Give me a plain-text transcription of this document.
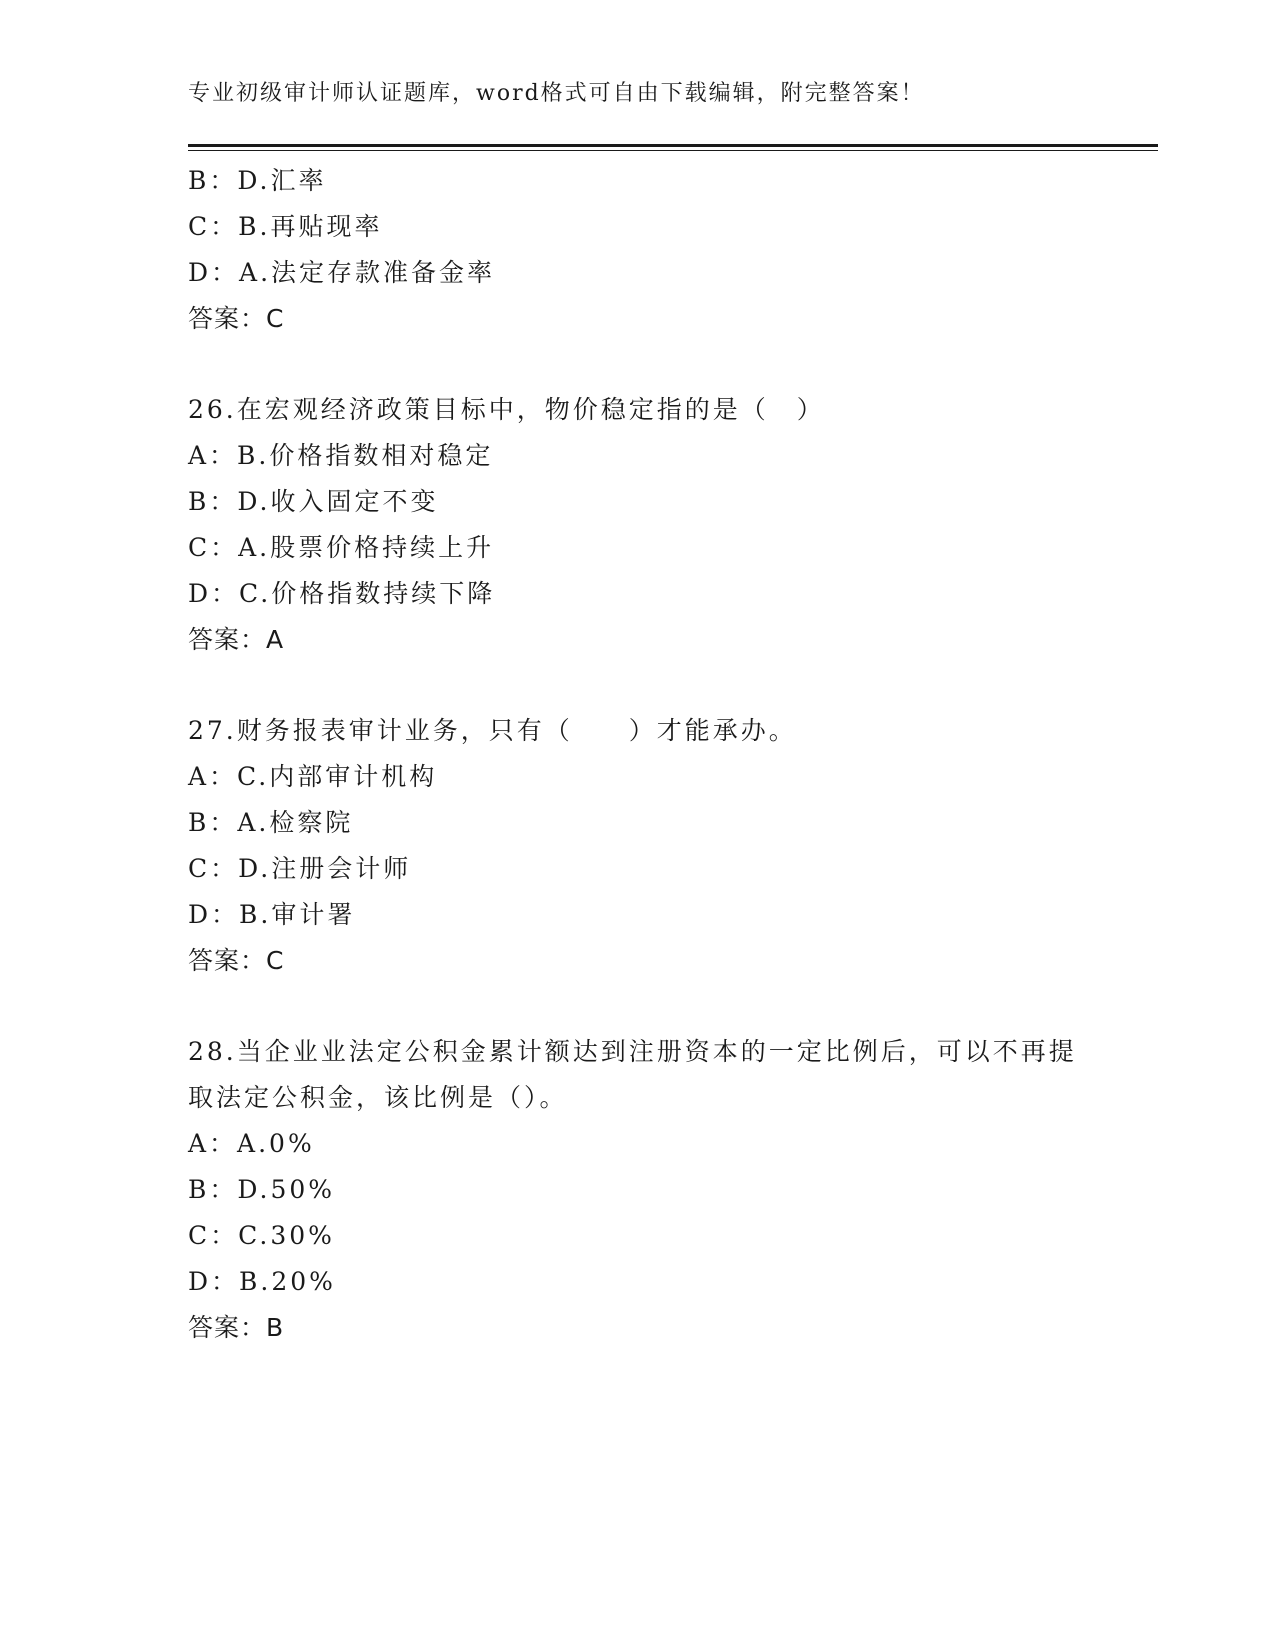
专业初级审计师认证题库，word格式可自由下载编辑，附完整答案！
B：D.汇率
C：B.再贴现率
D：A.法定存款准备金率
答案：C
26.在宏观经济政策目标中，物价稳定指的是（　）
A：B.价格指数相对稳定
B：D.收入固定不变
C：A.股票价格持续上升
D：C.价格指数持续下降
答案：A
27.财务报表审计业务，只有（　　）才能承办。
A：C.内部审计机构
B：A.检察院
C：D.注册会计师
D：B.审计署
答案：C
28.当企业业法定公积金累计额达到注册资本的一定比例后，可以不再提
取法定公积金，该比例是（）。
A：A.0%
B：D.50%
C：C.30%
D：B.20%
答案：B
